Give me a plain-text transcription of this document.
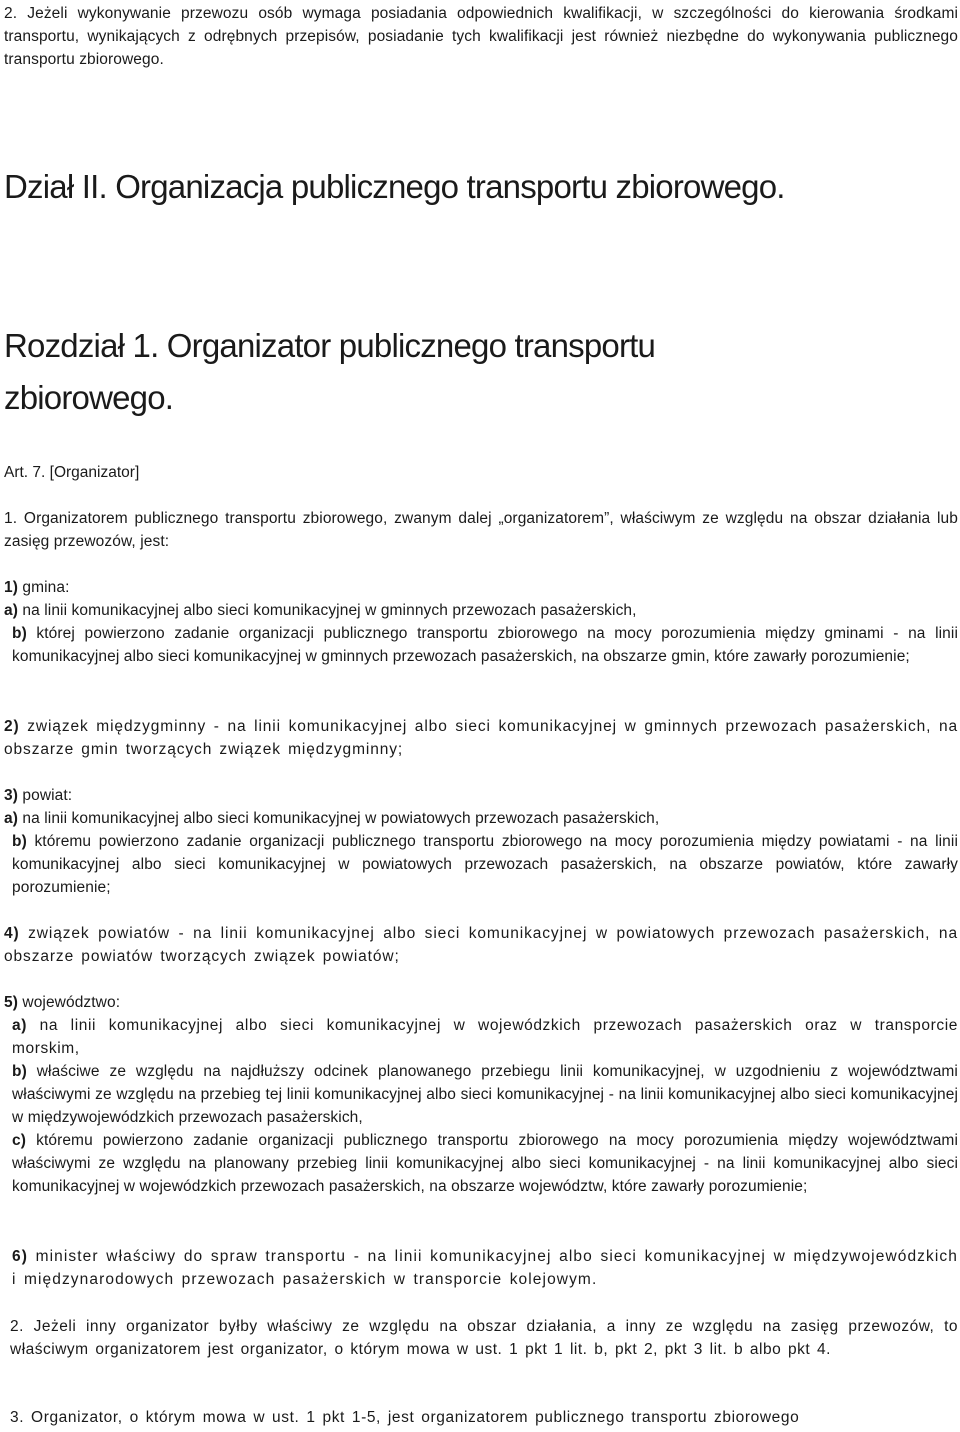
2. Jeżeli wykonywanie przewozu osób wymaga posiadania odpowiednich kwalifikacji, w szczególności do kierowania środkami transportu, wynikających z odrębnych przepisów, posiadanie tych kwalifikacji jest również niezbędne do wykonywania publicznego transportu zbiorowego.

Dział II. Organizacja publicznego transportu zbiorowego.
Rozdział 1. Organizator publicznego transportu
zbiorowego.

Art. 7. [Organizator]

1. Organizatorem publicznego transportu zbiorowego, zwanym dalej „organizatorem”, właściwym ze względu na obszar działania lub zasięg przewozów, jest:

1) gmina:

a) na linii komunikacyjnej albo sieci komunikacyjnej w gminnych przewozach pasażerskich,

b) której powierzono zadanie organizacji publicznego transportu zbiorowego na mocy porozumienia między gminami - na linii komunikacyjnej albo sieci komunikacyjnej w gminnych przewozach pasażerskich, na obszarze gmin, które zawarły porozumienie;

2) związek międzygminny - na linii komunikacyjnej albo sieci komunikacyjnej w gminnych przewozach pasażerskich, na obszarze gmin tworzących związek międzygminny;

3) powiat:

a) na linii komunikacyjnej albo sieci komunikacyjnej w powiatowych przewozach pasażerskich,

b) któremu powierzono zadanie organizacji publicznego transportu zbiorowego na mocy porozumienia między powiatami - na linii komunikacyjnej albo sieci komunikacyjnej w powiatowych przewozach pasażerskich, na obszarze powiatów, które zawarły porozumienie;

4) związek powiatów - na linii komunikacyjnej albo sieci komunikacyjnej w powiatowych przewozach pasażerskich, na obszarze powiatów tworzących związek powiatów;

5) województwo:

a) na linii komunikacyjnej albo sieci komunikacyjnej w wojewódzkich przewozach pasażerskich oraz w transporcie morskim,

b) właściwe ze względu na najdłuższy odcinek planowanego przebiegu linii komunikacyjnej, w uzgodnieniu z województwami właściwymi ze względu na przebieg tej linii komunikacyjnej albo sieci komunikacyjnej - na linii komunikacyjnej albo sieci komunikacyjnej w międzywojewódzkich przewozach pasażerskich,

c) któremu powierzono zadanie organizacji publicznego transportu zbiorowego na mocy porozumienia między województwami właściwymi ze względu na planowany przebieg linii komunikacyjnej albo sieci komunikacyjnej - na linii komunikacyjnej albo sieci komunikacyjnej w wojewódzkich przewozach pasażerskich, na obszarze województw, które zawarły porozumienie;

6) minister właściwy do spraw transportu - na linii komunikacyjnej albo sieci komunikacyjnej w międzywojewódzkich i międzynarodowych przewozach pasażerskich w transporcie kolejowym.

2. Jeżeli inny organizator byłby właściwy ze względu na obszar działania, a inny ze względu na zasięg przewozów, to właściwym organizatorem jest organizator, o którym mowa w ust. 1 pkt 1 lit. b, pkt 2, pkt 3 lit. b albo pkt 4.

3. Organizator, o którym mowa w ust. 1 pkt 1-5, jest organizatorem publicznego transportu zbiorowego
